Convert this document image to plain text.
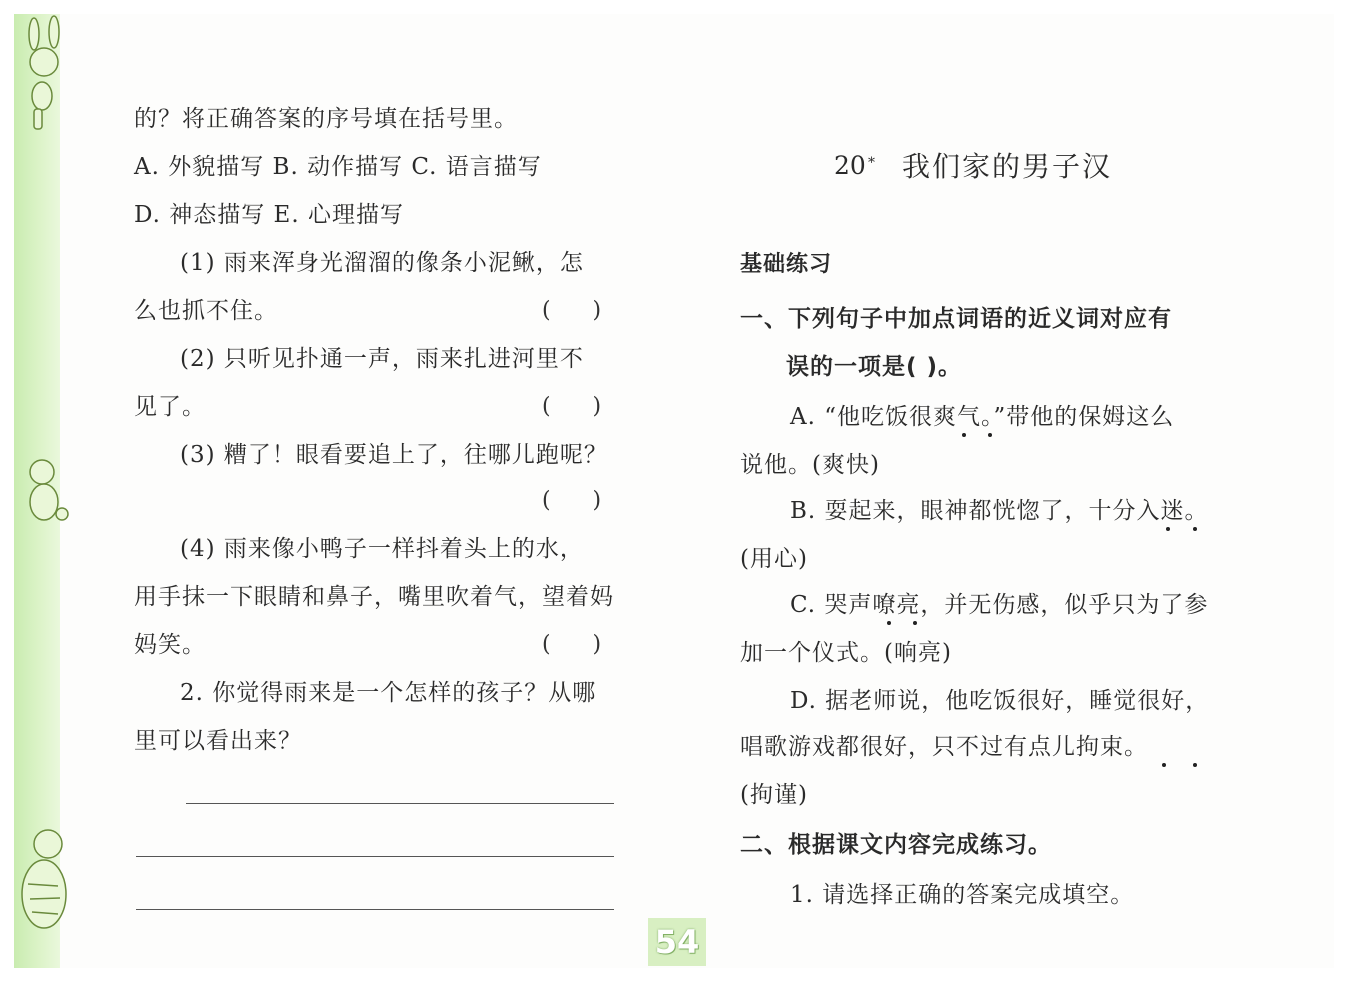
的？将正确答案的序号填在括号里。
A. 外貌描写 B. 动作描写 C. 语言描写
D. 神态描写 E. 心理描写
(1) 雨来浑身光溜溜的像条小泥鳅，怎
么也抓不住。	(      )
(2) 只听见扑通一声，雨来扎进河里不
见了。	(      )
(3) 糟了！眼看要追上了，往哪儿跑呢？
(      )
(4) 雨来像小鸭子一样抖着头上的水，
用手抹一下眼睛和鼻子，嘴里吹着气，望着妈
妈笑。	(      )
2. 你觉得雨来是一个怎样的孩子？从哪
里可以看出来？
20 * 我们家的男子汉
基础练习
一、下列句子中加点词语的近义词对应有
误的一项是( )。
A. “他吃饭很爽气。”带他的保姆这么
说他。(爽快)
B. 耍起来，眼神都恍惚了，十分入迷。
(用心)
C. 哭声嘹亮，并无伤感，似乎只为了参
加一个仪式。(响亮)
D. 据老师说，他吃饭很好，睡觉很好，
唱歌游戏都很好，只不过有点儿拘束。
(拘谨)
二、根据课文内容完成练习。
1. 请选择正确的答案完成填空。
54
